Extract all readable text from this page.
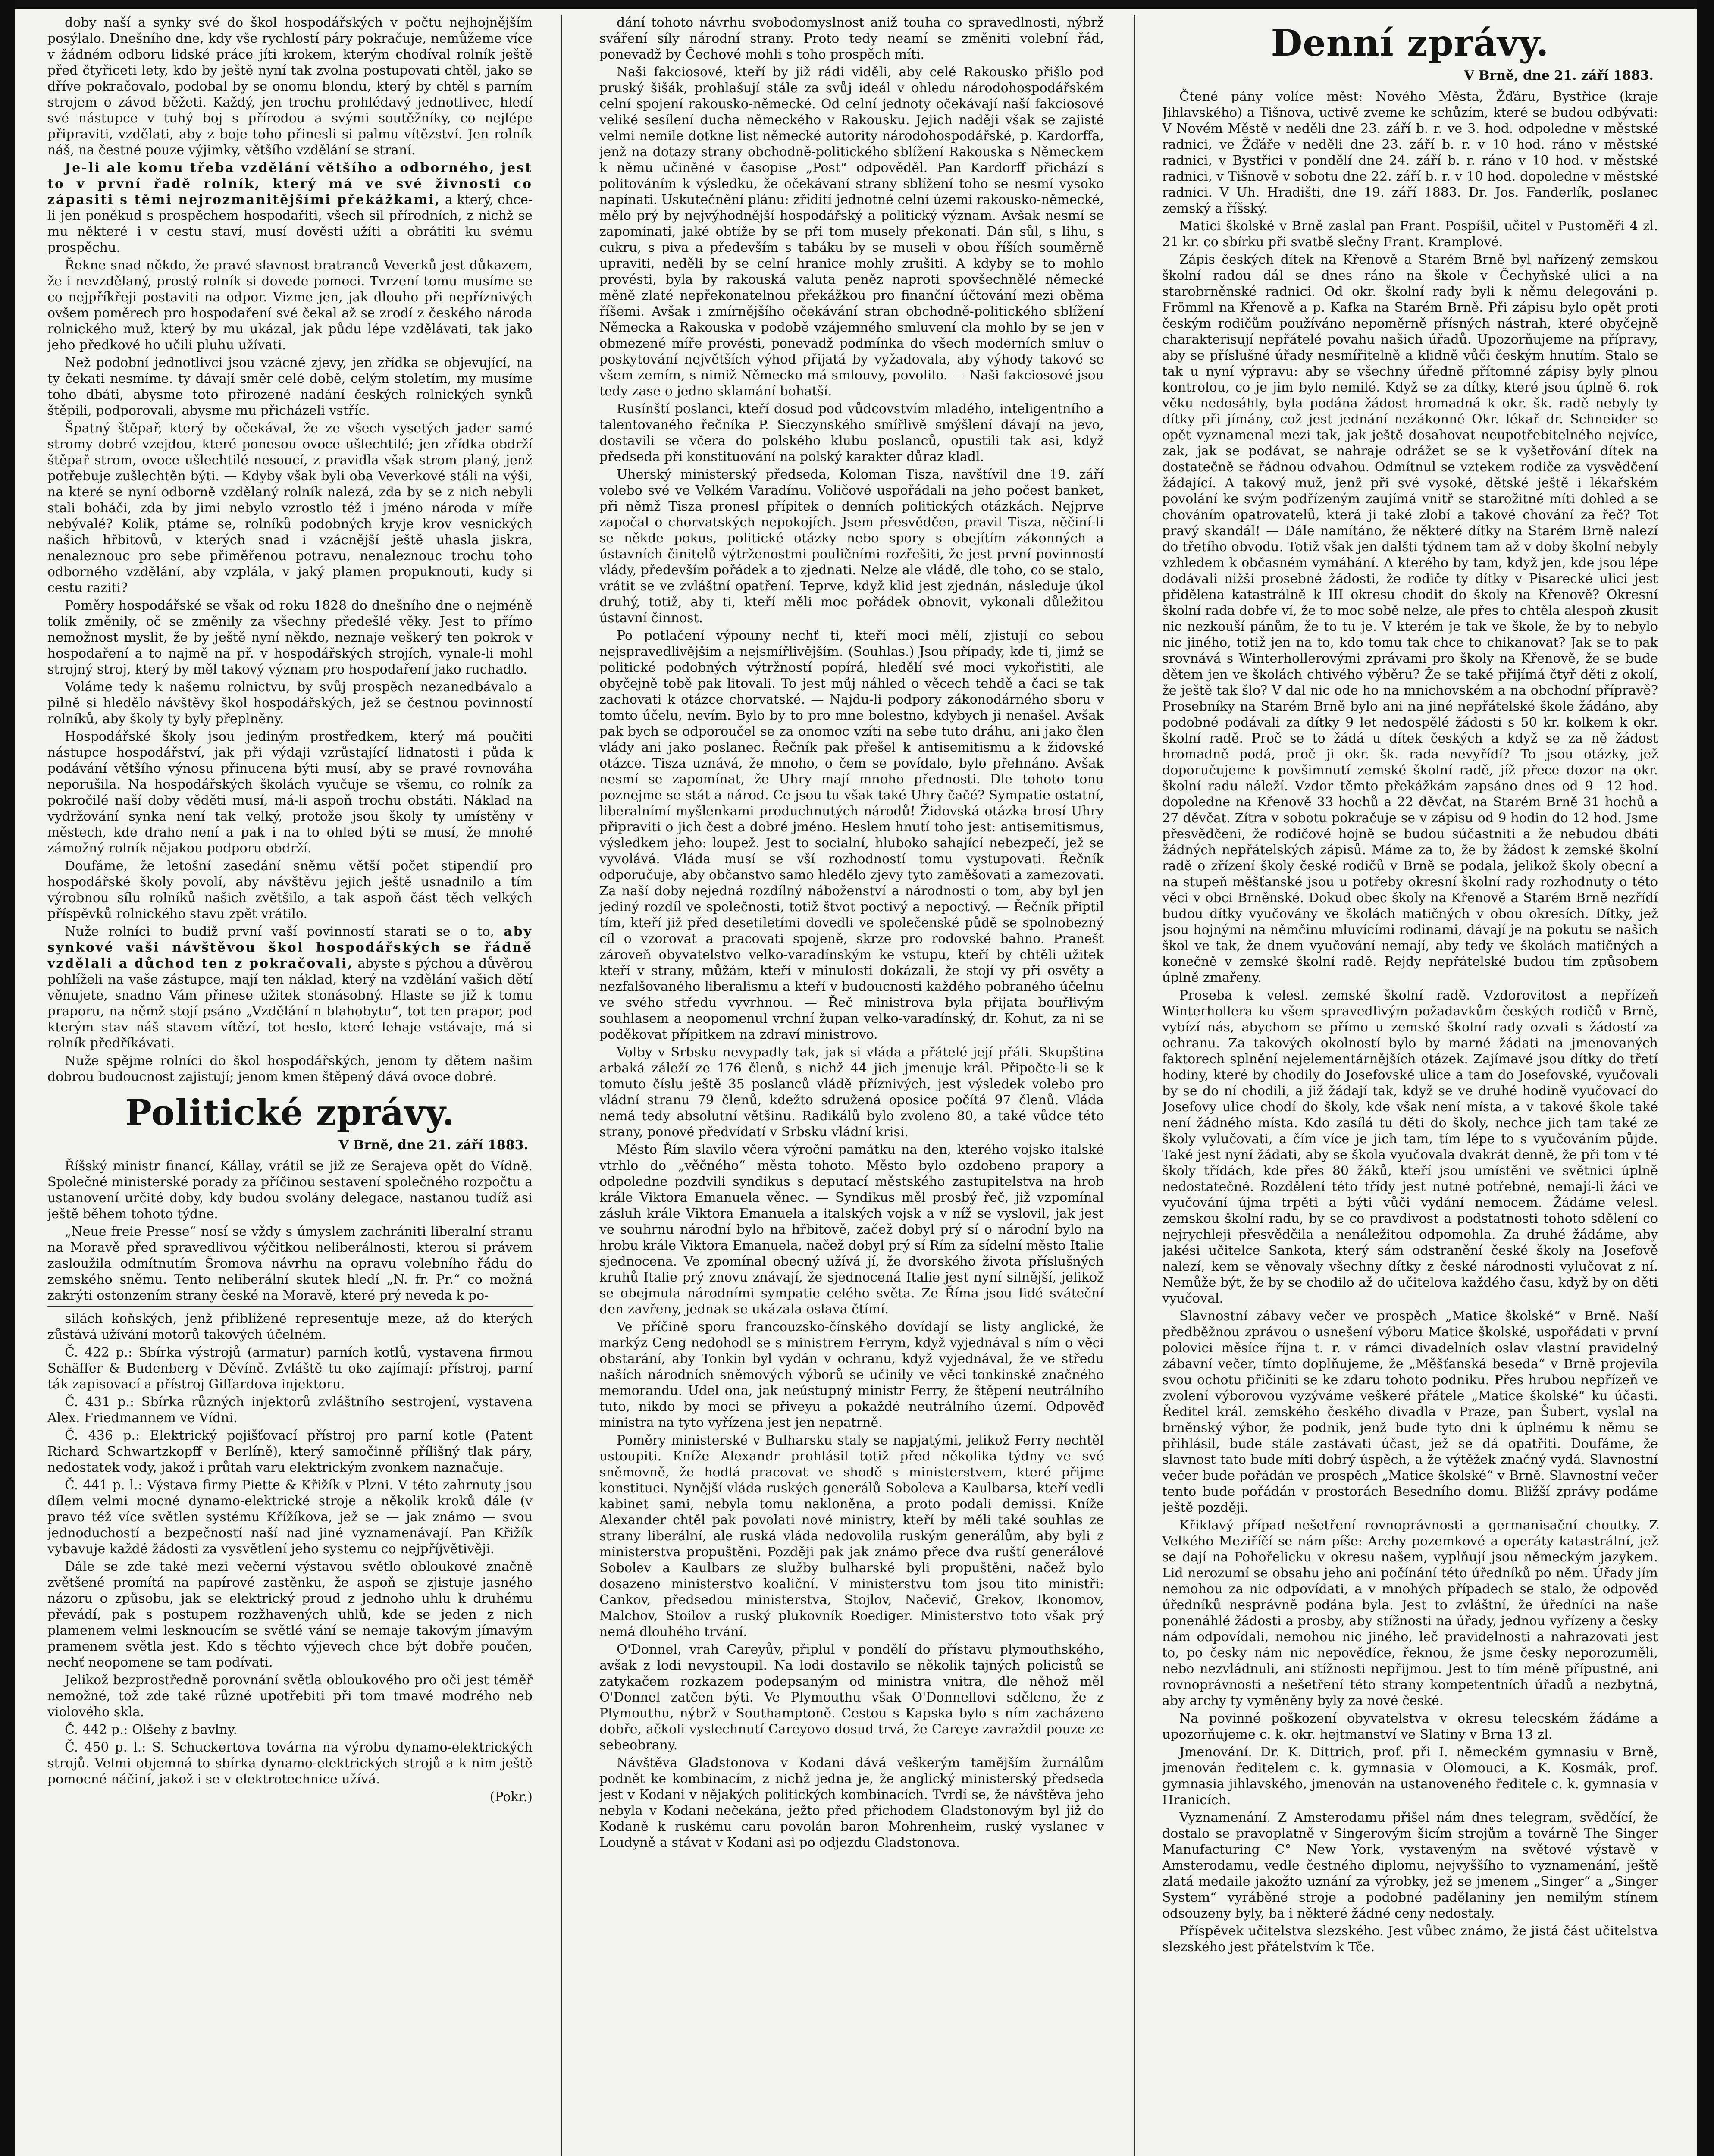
doby naší a synky své do škol hospodářských v počtu nejhojnějším posýlalo. Dnešního dne, kdy vše rychlostí páry pokračuje, nemůžeme více v žádném odboru lidské práce jíti krokem, kterým chodíval rolník ještě před čtyřiceti lety, kdo by ještě nyní tak zvolna postupovati chtěl, jako se dříve pokračovalo, podobal by se onomu blondu, který by chtěl s parním strojem o závod běžeti. Každý, jen trochu prohlédavý jednotlivec, hledí své nástupce v tuhý boj s přírodou a svými soutěžníky, co nejlépe připraviti, vzdělati, aby z boje toho přinesli si palmu vítězství. Jen rolník náš, na čestné pouze výjimky, většího vzdělání se straní.

Je-li ale komu třeba vzdělání většího a odborného, jest to v první řadě rolník, který má ve své živnosti co zápasiti s těmi nejrozmanitějšími překážkami, a který, chce-li jen poněkud s prospěchem hospodařiti, všech sil přírodních, z nichž se mu některé i v cestu staví, musí dověsti užíti a obrátiti ku svému prospěchu.

Řekne snad někdo, že pravé slavnost bratranců Veverků jest důkazem, že i nevzdělaný, prostý rolník si dovede pomoci. Tvrzení tomu musíme se co nejpříkřeji postaviti na odpor. Vizme jen, jak dlouho při nepříznivých ovšem poměrech pro hospodaření své čekal až se zrodí z českého národa rolnického muž, který by mu ukázal, jak půdu lépe vzdělávati, tak jako jeho předkové ho učili pluhu užívati.

Než podobní jednotlivci jsou vzácné zjevy, jen zřídka se objevující, na ty čekati nesmíme. ty dávají směr celé době, celým stoletím, my musíme toho dbáti, abysme toto přirozené nadání českých rolnických synků štěpili, podporovali, abysme mu přicházeli vstříc.

Špatný štěpař, který by očekával, že ze všech vysetých jader samé stromy dobré vzejdou, které ponesou ovoce ušlechtilé; jen zřídka obdrží štěpař strom, ovoce ušlechtilé nesoucí, z pravidla však strom planý, jenž potřebuje zušlechtěn býti. — Kdyby však byli oba Veverkové stáli na výši, na které se nyní odborně vzdělaný rolník nalezá, zda by se z nich nebyli stali boháči, zda by jimi nebylo vzrostlo též i jméno národa v míře nebývalé? Kolik, ptáme se, rolníků podobných kryje krov vesnických našich hřbitovů, v kterých snad i vzácnější ještě uhasla jiskra, nenaleznouc pro sebe přiměřenou potravu, nenaleznouc trochu toho odborného vzdělání, aby vzplála, v jaký plamen propuknouti, kudy si cestu raziti?

Poměry hospodářské se však od roku 1828 do dnešního dne o nejméně tolik změnily, oč se změnily za všechny předešlé věky. Jest to přímo nemožnost myslit, že by ještě nyní někdo, neznaje veškerý ten pokrok v hospodaření a to najmě na př. v hospodářských strojích, vynale-li mohl strojný stroj, který by měl takový význam pro hospodaření jako ruchadlo.

Voláme tedy k našemu rolnictvu, by svůj prospěch nezanedbávalo a pilně si hledělo návštěvy škol hospodářských, jež se čestnou povinností rolníků, aby školy ty byly přeplněny.

Hospodářské školy jsou jediným prostředkem, který má poučiti nástupce hospodářství, jak při výdaji vzrůstající lidnatosti i půda k podávání většího výnosu přinucena býti musí, aby se pravé rovnováha neporušila. Na hospodářských školách vyučuje se všemu, co rolník za pokročilé naší doby věděti musí, má-li aspoň trochu obstáti. Náklad na vydržování synka není tak velký, protože jsou školy ty umístěny v městech, kde draho není a pak i na to ohled býti se musí, že mnohé zámožný rolník nějakou podporu obdrží.

Doufáme, že letošní zasedání sněmu větší počet stipendií pro hospodářské školy povolí, aby návštěvu jejich ještě usnadnilo a tím výrobnou sílu rolníků našich zvětšilo, a tak aspoň část těch velkých příspěvků rolnického stavu zpět vrátilo.

Nuže rolníci to budiž první vaší povinností starati se o to, aby synkové vaši návštěvou škol hospodářských se řádně vzdělali a důchod ten z pokračovali, abyste s pýchou a důvěrou pohlíželi na vaše zástupce, mají ten náklad, který na vzdělání vašich dětí věnujete, snadno Vám přinese užitek stonásobný. Hlaste se již k tomu praporu, na němž stojí psáno „Vzdělání n blahobytu“, tot ten prapor, pod kterým stav náš stavem vítězí, tot heslo, které lehaje vstávaje, má si rolník předříkávati.

Nuže spějme rolníci do škol hospodářských, jenom ty dětem našim dobrou budoucnost zajistují; jenom kmen štěpený dává ovoce dobré.

Politické zprávy.
V Brně, dne 21. září 1883.

Říšský ministr financí, Kállay, vrátil se již ze Serajeva opět do Vídně. Společné ministerské porady za příčinou sestavení společného rozpočtu a ustanovení určité doby, kdy budou svolány delegace, nastanou tudíž asi ještě během tohoto týdne.

„Neue freie Presse“ nosí se vždy s úmyslem zachrániti liberalní stranu na Moravě před spravedlivou výčitkou neliberálnosti, kterou si právem zasloužila odmítnutím Šromova návrhu na opravu volebního řádu do zemského sněmu. Tento neliberální skutek hledí „N. fr. Pr.“ co možná zakrýti ostonzením strany české na Moravě, které prý neveda k po-

silách koňských, jenž přiblížené representuje meze, až do kterých zůstává užívání motorů takových účelném.

Č. 422 p.: Sbírka výstrojů (armatur) parních kotlů, vystavena firmou Schäffer & Budenberg v Děvíně. Zvláště tu oko zajímají: přístroj, parní ták zapisovací a přístroj Giffardova injektoru.

Č. 431 p.: Sbírka různých injektorů zvláštního sestrojení, vystavena Alex. Friedmannem ve Vídni.

Č. 436 p.: Elektrický pojišťovací přístroj pro parní kotle (Patent Richard Schwartzkopff v Berlíně), který samočinně přílišný tlak páry, nedostatek vody, jakož i průtah varu elektrickým zvonkem naznačuje.

Č. 441 p. l.: Výstava firmy Piette & Křižík v Plzni. V této zahrnuty jsou dílem velmi mocné dynamo-elektrické stroje a několik kroků dále (v pravo též více světlen systému Křížíkova, jež se — jak známo — svou jednoduchostí a bezpečností naší nad jiné vyznamenávají. Pan Křižík vybavuje každé žádosti za vysvětlení jeho systemu co nejpříjvětivěji.

Dále se zde také mezi večerní výstavou světlo obloukové značně zvětšené promítá na papírové zastěnku, že aspoň se zjistuje jasného názoru o způsobu, jak se elektrický proud z jednoho uhlu k druhému převádí, pak s postupem rozžhavených uhlů, kde se jeden z nich plamenem velmi lesknoucím se světlé vání se nemaje takovým jímavým pramenem světla jest. Kdo s těchto výjevech chce být dobře poučen, nechť neopomene se tam podívati.

Jelikož bezprostředně porovnání světla obloukového pro oči jest téměř nemožné, tož zde také různé upotřebiti při tom tmavé modrého neb violového skla.

Č. 442 p.: Olšehy z bavlny.

Č. 450 p. l.: S. Schuckertova továrna na výrobu dynamo-elektrických strojů. Velmi objemná to sbírka dynamo-elektrických strojů a k nim ještě pomocné náčiní, jakož i se v elektrotechnice užívá.

(Pokr.)

dání tohoto návrhu svobodomyslnost aniž touha co spravedlnosti, nýbrž sváření síly národní strany. Proto tedy neamí se změniti volební řád, ponevadž by Čechové mohli s toho prospěch míti.

Naši fakciosové, kteří by již rádi viděli, aby celé Rakousko přišlo pod pruský šišák, prohlašují stále za svůj ideál v ohledu národohospodářském celní spojení rakousko-německé. Od celní jednoty očekávají naší fakciosové veliké sesílení ducha německého v Rakousku. Jejich naději však se zajisté velmi nemile dotkne list německé autority národohospodářské, p. Kardorffa, jenž na dotazy strany obchodně-politického sblížení Rakouska s Německem k němu učiněné v časopise „Post“ odpověděl. Pan Kardorff přichází s politováním k výsledku, že očekávaní strany sblížení toho se nesmí vysoko napínati. Uskutečnění plánu: zřídití jednotné celní území rakousko-německé, mělo prý by nejvýhodnější hospodářský a politický význam. Avšak nesmí se zapomínati, jaké obtíže by se při tom musely překonati. Dán sůl, s lihu, s cukru, s piva a především s tabáku by se museli v obou říších souměrně upraviti, neděli by se celní hranice mohly zrušiti. A kdyby se to mohlo provésti, byla by rakouská valuta peněz naproti spovšechnělé německé měně zlaté nepřekonatelnou překážkou pro finanční účtování mezi oběma říšemi. Avšak i zmírnějšího očekávání stran obchodně-politického sblížení Německa a Rakouska v podobě vzájemného smluvení cla mohlo by se jen v obmezené míře provésti, ponevadž podmínka do všech moderních smluv o poskytování největších výhod přijatá by vyžadovala, aby výhody takové se všem zemím, s nimiž Německo má smlouvy, povolilo. — Naši fakciosové jsou tedy zase o jedno sklamání bohatší.

Rusínští poslanci, kteří dosud pod vůdcovstvím mladého, inteligentního a talentovaného řečníka P. Sieczynského smířlivě smýšlení dávají na jevo, dostavili se včera do polského klubu poslanců, opustili tak asi, když předseda při konstituování na polský karakter důraz kladl.

Uherský ministerský předseda, Koloman Tisza, navštívil dne 19. září volebo své ve Velkém Varadínu. Voličové uspořádali na jeho počest banket, při němž Tisza pronesl přípitek o denních politických otázkách. Nejprve započal o chorvatských nepokojích. Jsem přesvědčen, pravil Tisza, něčiní-li se někde pokus, politické otázky nebo spory s obejítím zákonných a ústavních činitelů výtrženostmi pouličními rozřešiti, že jest první povinností vlády, především pořádek a to zjednati. Nelze ale vládě, dle toho, co se stalo, vrátit se ve zvláštní opatření. Teprve, když klid jest zjednán, následuje úkol druhý, totiž, aby ti, kteří měli moc pořádek obnovit, vykonali důležitou ústavní činnost.

Po potlačení výpouny nechť ti, kteří moci mělí, zjistují co sebou nejspravedlivějším a nejsmířlivějším. (Souhlas.) Jsou případy, kde ti, jimž se politické podobných výtržností popírá, hledělí své moci vykořistiti, ale obyčejně tobě pak litovali. To jest můj náhled o věcech tehdě a čaci se tak zachovati k otázce chorvatské. — Najdu-li podpory zákonodárného sboru v tomto účelu, nevím. Bylo by to pro mne bolestno, kdybych ji nenašel. Avšak pak bych se odporoučel se za onomoc vzíti na sebe tuto dráhu, ani jako člen vlády ani jako poslanec. Řečník pak přešel k antisemitismu a k židovské otázce. Tisza uznává, že mnoho, o čem se povídalo, bylo přehnáno. Avšak nesmí se zapomínat, že Uhry mají mnoho přednosti. Dle tohoto tonu poznejme se stát a národ. Ce jsou tu však také Uhry čačé? Sympatie ostatní, liberalnímí myšlenkami produchnutých národů! Židovská otázka brosí Uhry připraviti o jich čest a dobré jméno. Heslem hnutí toho jest: antisemitismus, výsledkem jeho: loupež. Jest to socialní, hluboko sahající nebezpečí, jež se vyvolává. Vláda musí se vší rozhodností tomu vystupovati. Řečník odporučuje, aby občanstvo samo hledělo zjevy tyto zaměšovati a zamezovati. Za naší doby nejedná rozdílný náboženství a národnosti o tom, aby byl jen jediný rozdíl ve společnosti, totiž štvot poctivý a nepoctivý. — Řečník připtil tím, kteří již před desetiletími dovedli ve společenské půdě se spolnobezný cíl o vzorovat a pracovati spojeně, skrze pro rodovské bahno. Pranešt zároveň obyvatelstvo velko-varadínským ke vstupu, kteří by chtěli užitek kteří v strany, můžám, kteří v minulosti dokázali, že stojí vy při osvěty a nezfalšovaného liberalismu a kteří v budoucnosti každého pobraného účelnu ve svého středu vyvrhnou. — Řeč ministrova byla přijata bouřlivým souhlasem a neopomenul vrchní župan velko-varadínský, dr. Kohut, za ni se poděkovat přípitkem na zdraví ministrovo.

Volby v Srbsku nevypadly tak, jak si vláda a přátelé její přáli. Skupština arbaká záleží ze 176 členů, s nichž 44 jich jmenuje král. Připočte-li se k tomuto číslu ještě 35 poslanců vládě příznivých, jest výsledek volebo pro vládní stranu 79 členů, kdežto sdružená oposice počítá 97 členů. Vláda nemá tedy absolutní většinu. Radikálů bylo zvoleno 80, a také vůdce této strany, ponové předvídatí v Srbsku vládní krisi.

Město Řím slavilo včera výroční památku na den, kterého vojsko italské vtrhlo do „věčného“ města tohoto. Město bylo ozdobeno prapory a odpoledne pozdvili syndikus s deputací městského zastupitelstva na hrob krále Viktora Emanuela věnec. — Syndikus měl prosbý řeč, již vzpomínal zásluh krále Viktora Emanuela a italských vojsk a v níž se vyslovil, jak jest ve souhrnu národní bylo na hřbitově, začež dobyl prý sí o národní bylo na hrobu krále Viktora Emanuela, načež dobyl prý sí Rím za sídelní město Italie sjednocena. Ve zpomínal obecný užívá jí, že dvorského života příslušných kruhů Italie prý znovu znávají, že sjednocená Italie jest nyní silnější, jelikož se obejmula národními sympatie celého světa. Ze Říma jsou lidé sváteční den zavřeny, jednak se ukázala oslava čtímí.

Ve příčině sporu francouzsko-čínského dovídají se listy anglické, že markýz Ceng nedohodl se s ministrem Ferrym, když vyjednával s ním o věci obstarání, aby Tonkin byl vydán v ochranu, když vyjednával, že ve středu naších národních sněmových výborů se učinily ve věci tonkinské značného memorandu. Udel ona, jak neústupný ministr Ferry, že štěpení neutrálního tuto, nikdo by moci se přiveyu a pokaždé neutrálního území. Odpověď ministra na tyto vyřízena jest jen nepatrně.

Poměry ministerské v Bulharsku staly se napjatými, jelikož Ferry nechtěl ustoupiti. Kníže Alexandr prohlásil totiž před několika týdny ve své sněmovně, že hodlá pracovat ve shodě s ministerstvem, které přijme konstituci. Nynější vláda ruských generálů Soboleva a Kaulbarsa, kteří vedli kabinet sami, nebyla tomu nakloněna, a proto podali demissi. Kníže Alexander chtěl pak povolati nové ministry, kteří by měli také souhlas ze strany liberální, ale ruská vláda nedovolila ruským generálům, aby byli z ministerstva propuštěni. Později pak jak známo přece dva ruští generálové Sobolev a Kaulbars ze služby bulharské byli propuštěni, načež bylo dosazeno ministerstvo koaliční. V ministerstvu tom jsou tito ministři: Cankov, předsedou ministerstva, Stojlov, Načevič, Grekov, Ikonomov, Malchov, Stoilov a ruský plukovník Roediger. Ministerstvo toto však prý nemá dlouhého trvání.

O'Donnel, vrah Careyův, připlul v pondělí do přístavu plymouthského, avšak z lodi nevystoupil. Na lodi dostavilo se několik tajných policistů se zatykačem rozkazem podepsaným od ministra vnitra, dle něhož měl O'Donnel zatčen býti. Ve Plymouthu však O'Donnellovi sděleno, že z Plymouthu, nýbrž v Southamptoně. Cestou s Kapska bylo s ním zacházeno dobře, ačkoli vyslechnutí Careyovo dosud trvá, že Careye zavraždil pouze ze sebeobrany.

Návštěva Gladstonova v Kodani dává veškerým tamějším žurnálům podnět ke kombinacím, z nichž jedna je, že anglický ministerský předseda jest v Kodani v nějakých politických kombinacích. Tvrdí se, že návštěva jeho nebyla v Kodani nečekána, ježto před příchodem Gladstonovým byl již do Kodaně k ruskému caru povolán baron Mohrenheim, ruský vyslanec v Loudyně a stávat v Kodani asi po odjezdu Gladstonova.

Denní zprávy.
V Brně, dne 21. září 1883.

Čtené pány volíce měst: Nového Města, Žďáru, Bystřice (kraje Jihlavského) a Tišnova, uctivě zveme ke schůzím, které se budou odbývati: V Novém Městě v neděli dne 23. září b. r. ve 3. hod. odpoledne v městské radnici, ve Žďáře v neděli dne 23. září b. r. v 10 hod. ráno v městské radnici, v Bystřici v pondělí dne 24. září b. r. ráno v 10 hod. v městské radnici, v Tišnově v sobotu dne 22. září b. r. v 10 hod. dopoledne v městské radnici. V Uh. Hradišti, dne 19. září 1883. Dr. Jos. Fanderlík, poslanec zemský a říšský.

Matici školské v Brně zaslal pan Frant. Pospíšil, učitel v Pustoměři 4 zl. 21 kr. co sbírku při svatbě slečny Frant. Kramplové.

Zápis českých dítek na Křenově a Starém Brně byl nařízený zemskou školní radou dál se dnes ráno na škole v Čechyňské ulici a na starobrněnské radnici. Od okr. školní rady byli k němu delegováni p. Frömml na Křenově a p. Kafka na Starém Brně. Při zápisu bylo opět proti českým rodičům používáno nepoměrně přísných nástrah, které obyčejně charakterisují nepřátelé povahu našich úřadů. Upozorňujeme na přípravy, aby se příslušné úřady nesmířitelně a klidně vůči českým hnutím. Stalo se tak u nyní výpravu: aby se všechny úředně přítomné zápisy byly plnou kontrolou, co je jim bylo nemilé. Když se za dítky, které jsou úplně 6. rok věku nedosáhly, byla podána žádost hromadná k okr. šk. radě nebyly ty dítky při jímány, což jest jednání nezákonné Okr. lékař dr. Schneider se opět vyznamenal mezi tak, jak ještě dosahovat neupotřebitelného nejvíce, zak, jak se podávat, se nahraje odrážet se se k vyšetřování dítek na dostatečně se řádnou odvahou. Odmítnul se vztekem rodiče za vysvědčení žádající. A takový muž, jenž při své vysoké, dětské ještě i lékařském povolání ke svým podřízeným zaujímá vnitř se starožitné míti dohled a se chováním opatrovatelů, která ji také zlobí a takové chování za řeč? Tot pravý skandál! — Dále namítáno, že některé dítky na Starém Brně nalezí do třetího obvodu. Totiž však jen dalšti týdnem tam až v doby školní nebyly vzhledem k občasném vymáhání. A kterého by tam, když jen, kde jsou lépe dodávali nižší prosebné žádosti, že rodiče ty dítky v Pisarecké ulici jest přidělena katastrálně k III okresu chodit do školy na Křenově? Okresní školní rada dobře ví, že to moc sobě nelze, ale přes to chtěla alespoň zkusit nic nezkouší pánům, že to tu je. V kterém je tak ve škole, že by to nebylo nic jiného, totiž jen na to, kdo tomu tak chce to chikanovat? Jak se to pak srovnává s Winterhollerovými zprávami pro školy na Křenově, že se bude dětem jen ve školách chtivého výběru? Že se také přijímá čtyř děti z okolí, že ještě tak šlo? V dal nic ode ho na mnichovském a na obchodní přípravě? Prosebníky na Starém Brně bylo ani na jiné nepřátelské škole žádáno, aby podobné podávali za dítky 9 let nedospělé žádosti s 50 kr. kolkem k okr. školní radě. Proč se to žádá u dítek českých a když se za ně žádost hromadně podá, proč ji okr. šk. rada nevyřídí? To jsou otázky, jež doporučujeme k povšimnutí zemské školní radě, jíž přece dozor na okr. školní radu náleží. Vzdor těmto překážkám zapsáno dnes od 9—12 hod. dopoledne na Křenově 33 hochů a 22 děvčat, na Starém Brně 31 hochů a 27 děvčat. Zítra v sobotu pokračuje se v zápisu od 9 hodin do 12 hod. Jsme přesvědčeni, že rodičové hojně se budou súčastniti a že nebudou dbáti žádných nepřátelských zápisů. Máme za to, že by žádost k zemské školní radě o zřízení školy české rodičů v Brně se podala, jelikož školy obecní a na stupeň měšťanské jsou u potřeby okresní školní rady rozhodnuty o této věci v obci Brněnské. Dokud obec školy na Křenově a Starém Brně nezřídí budou dítky vyučovány ve školách matičných v obou okresích. Dítky, jež jsou hojnými na němčinu mluvícími rodinami, dávají je na pokutu se našich škol ve tak, že dnem vyučování nemají, aby tedy ve školách matičných a konečně v zemské školní radě. Rejdy nepřátelské budou tím způsobem úplně zmařeny.

Proseba k velesl. zemské školní radě. Vzdorovitost a nepřízeň Winterhollera ku všem spravedlivým požadavkům českých rodičů v Brně, vybízí nás, abychom se přímo u zemské školní rady ozvali s žádostí za ochranu. Za takových okolností bylo by marné žádati na jmenovaných faktorech splnění nejelementárnějších otázek. Zajímavé jsou dítky do třetí hodiny, které by chodily do Josefovské ulice a tam do Josefovské, vyučovali by se do ní chodili, a již žádají tak, když se ve druhé hodině vyučovací do Josefovy ulice chodí do školy, kde však není místa, a v takové škole také není žádného místa. Kdo zasílá tu děti do školy, nechce jich tam také ze školy vylučovati, a čím více je jich tam, tím lépe to s vyučováním půjde. Také jest nyní žádati, aby se škola vyučovala dvakrát denně, že při tom v té školy třídách, kde přes 80 žáků, kteří jsou umístěni ve světnici úplně nedostatečné. Rozdělení této třídy jest nutné potřebné, nemají-li žáci ve vyučování újma trpěti a býti vůči vydání nemocem. Žádáme velesl. zemskou školní radu, by se co pravdivost a podstatnosti tohoto sdělení co nejrychleji přesvědčila a nenáležitou odpomohla. Za druhé žádáme, aby jakési učitelce Sankota, který sám odstranění české školy na Josefově nalezí, kem se věnovaly všechny dítky z české národnosti vylučovat z ní. Nemůže být, že by se chodilo až do učitelova každého času, když by on děti vyučoval.

Slavnostní zábavy večer ve prospěch „Matice školské“ v Brně. Naší předběžnou zprávou o usnešení výboru Matice školské, uspořádati v první polovici měsíce října t. r. v rámci divadelních oslav vlastní pravidelný zábavní večer, tímto doplňujeme, že „Měšťanská beseda“ v Brně projevila svou ochotu přičiniti se ke zdaru tohoto podniku. Přes hrubou nepřízeň ve zvolení výborovou vyzýváme veškeré přátele „Matice školské“ ku účasti. Ředitel král. zemského českého divadla v Praze, pan Šubert, vyslal na brněnský výbor, že podnik, jenž bude tyto dni k úplnému k němu se přihlásil, bude stále zastávati účast, jež se dá opatřiti. Doufáme, že slavnost tato bude míti dobrý úspěch, a že výtěžek značný vydá. Slavnostní večer bude pořádán ve prospěch „Matice školské“ v Brně. Slavnostní večer tento bude pořádán v prostorách Besedního domu. Bližší zprávy podáme ještě později.

Křiklavý případ nešetření rovnoprávnosti a germanisační choutky. Z Velkého Meziříčí se nám píše: Archy pozemkové a operáty katastrální, jež se dají na Pohořelicku v okresu našem, vyplňují jsou německým jazykem. Lid nerozumí se obsahu jeho ani počínání této úředníků po něm. Úřady jím nemohou za nic odpovídati, a v mnohých případech se stalo, že odpověď úředníků nesprávně podána byla. Jest to zvláštní, že úředníci na naše ponenáhlé žádosti a prosby, aby stížnosti na úřady, jednou vyřízeny a česky nám odpovídali, nemohou nic jiného, leč pravidelnosti a nahrazovati jest to, po česky nám nic nepovědíce, řeknou, že jsme česky neporozuměli, nebo nezvládnuli, ani stížnosti nepřijmou. Jest to tím méně přípustné, ani rovnoprávnosti a nešetření této strany kompetentních úřadů a nezbytná, aby archy ty vyměněny byly za nové české.

Na povinné poškození obyvatelstva v okresu telecském žádáme a upozorňujeme c. k. okr. hejtmanství ve Slatiny v Brna 13 zl.

Jmenování. Dr. K. Dittrich, prof. při I. německém gymnasiu v Brně, jmenován ředitelem c. k. gymnasia v Olomouci, a K. Kosmák, prof. gymnasia jihlavského, jmenován na ustanoveného ředitele c. k. gymnasia v Hranicích.

Vyznamenání. Z Amsterodamu přišel nám dnes telegram, svědčící, že dostalo se pravoplatně v Singerovým šicím strojům a továrně The Singer Manufacturing C° New York, vystaveným na světové výstavě v Amsterodamu, vedle čestného diplomu, nejvyššího to vyznamenání, ještě zlatá medaile jakožto uznání za výrobky, jež se jmenem „Singer“ a „Singer System“ vyráběné stroje a podobné padělaniny jen nemilým stínem odsouzeny byly, ba i některé žádné ceny nedostaly.

Příspěvek učitelstva slezského. Jest vůbec známo, že jistá část učitelstva slezského jest přátelstvím k Tče.
